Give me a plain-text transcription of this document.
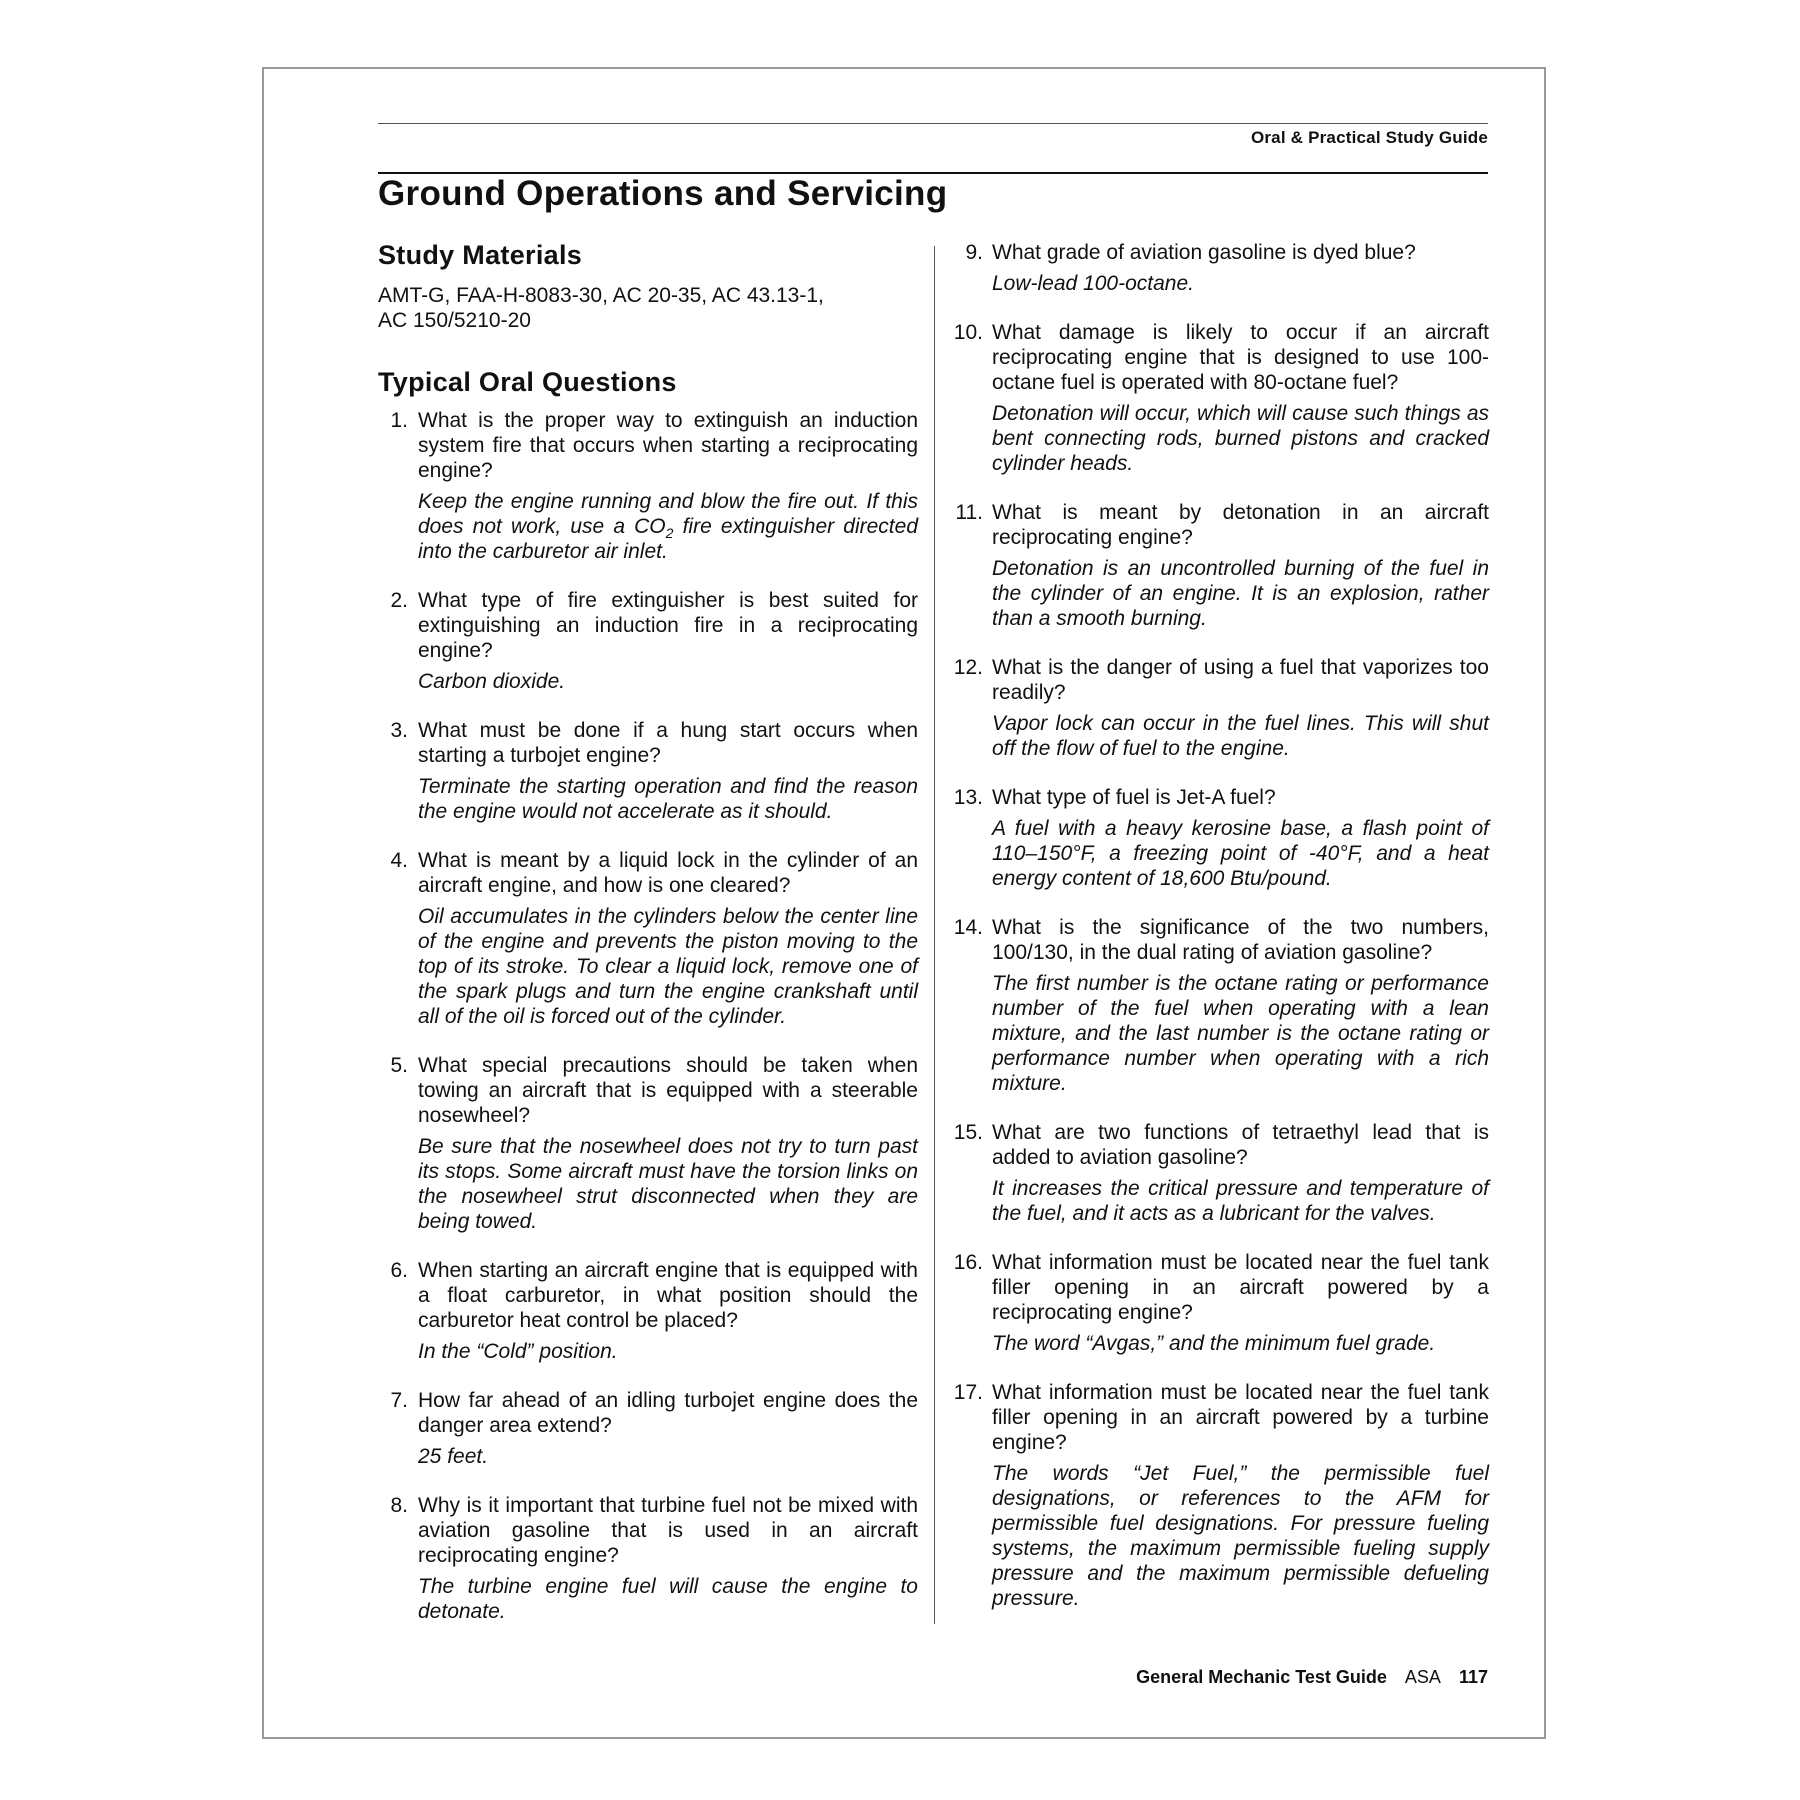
Oral & Practical Study Guide
Ground Operations and Servicing
Study Materials
AMT-G, FAA-H-8083-30, AC 20-35, AC 43.13-1,
AC 150/5210-20
Typical Oral Questions
1. What is the proper way to extinguish an induction system fire that occurs when starting a reciprocating engine?
Keep the engine running and blow the fire out. If this does not work, use a $CO_2$ fire extinguisher directed into the carburetor air inlet.
2. What type of fire extinguisher is best suited for extinguishing an induction fire in a reciprocating engine?
Carbon dioxide.
3. What must be done if a hung start occurs when starting a turbojet engine?
Terminate the starting operation and find the reason the engine would not accelerate as it should.
4. What is meant by a liquid lock in the cylinder of an aircraft engine, and how is one cleared?
Oil accumulates in the cylinders below the center line of the engine and prevents the piston moving to the top of its stroke. To clear a liquid lock, remove one of the spark plugs and turn the engine crankshaft until all of the oil is forced out of the cylinder.
5. What special precautions should be taken when towing an aircraft that is equipped with a steerable nosewheel?
Be sure that the nosewheel does not try to turn past its stops. Some aircraft must have the torsion links on the nosewheel strut disconnected when they are being towed.
6. When starting an aircraft engine that is equipped with a float carburetor, in what position should the carburetor heat control be placed?
In the “Cold” position.
7. How far ahead of an idling turbojet engine does the danger area extend?
25 feet.
8. Why is it important that turbine fuel not be mixed with aviation gasoline that is used in an aircraft reciprocating engine?
The turbine engine fuel will cause the engine to detonate.
9. What grade of aviation gasoline is dyed blue?
Low-lead 100-octane.
10. What damage is likely to occur if an aircraft reciprocating engine that is designed to use 100-octane fuel is operated with 80-octane fuel?
Detonation will occur, which will cause such things as bent connecting rods, burned pistons and cracked cylinder heads.
11. What is meant by detonation in an aircraft reciprocating engine?
Detonation is an uncontrolled burning of the fuel in the cylinder of an engine. It is an explosion, rather than a smooth burning.
12. What is the danger of using a fuel that vaporizes too readily?
Vapor lock can occur in the fuel lines. This will shut off the flow of fuel to the engine.
13. What type of fuel is Jet-A fuel?
A fuel with a heavy kerosine base, a flash point of 110–150°F, a freezing point of -40°F, and a heat energy content of 18,600 Btu/pound.
14. What is the significance of the two numbers, 100/130, in the dual rating of aviation gasoline?
The first number is the octane rating or performance number of the fuel when operating with a lean mixture, and the last number is the octane rating or performance number when operating with a rich mixture.
15. What are two functions of tetraethyl lead that is added to aviation gasoline?
It increases the critical pressure and temperature of the fuel, and it acts as a lubricant for the valves.
16. What information must be located near the fuel tank filler opening in an aircraft powered by a reciprocating engine?
The word “Avgas,” and the minimum fuel grade.
17. What information must be located near the fuel tank filler opening in an aircraft powered by a turbine engine?
The words “Jet Fuel,” the permissible fuel designations, or references to the AFM for permissible fuel designations. For pressure fueling systems, the maximum permissible fueling supply pressure and the maximum permissible defueling pressure.
General Mechanic Test Guide ASA 117
